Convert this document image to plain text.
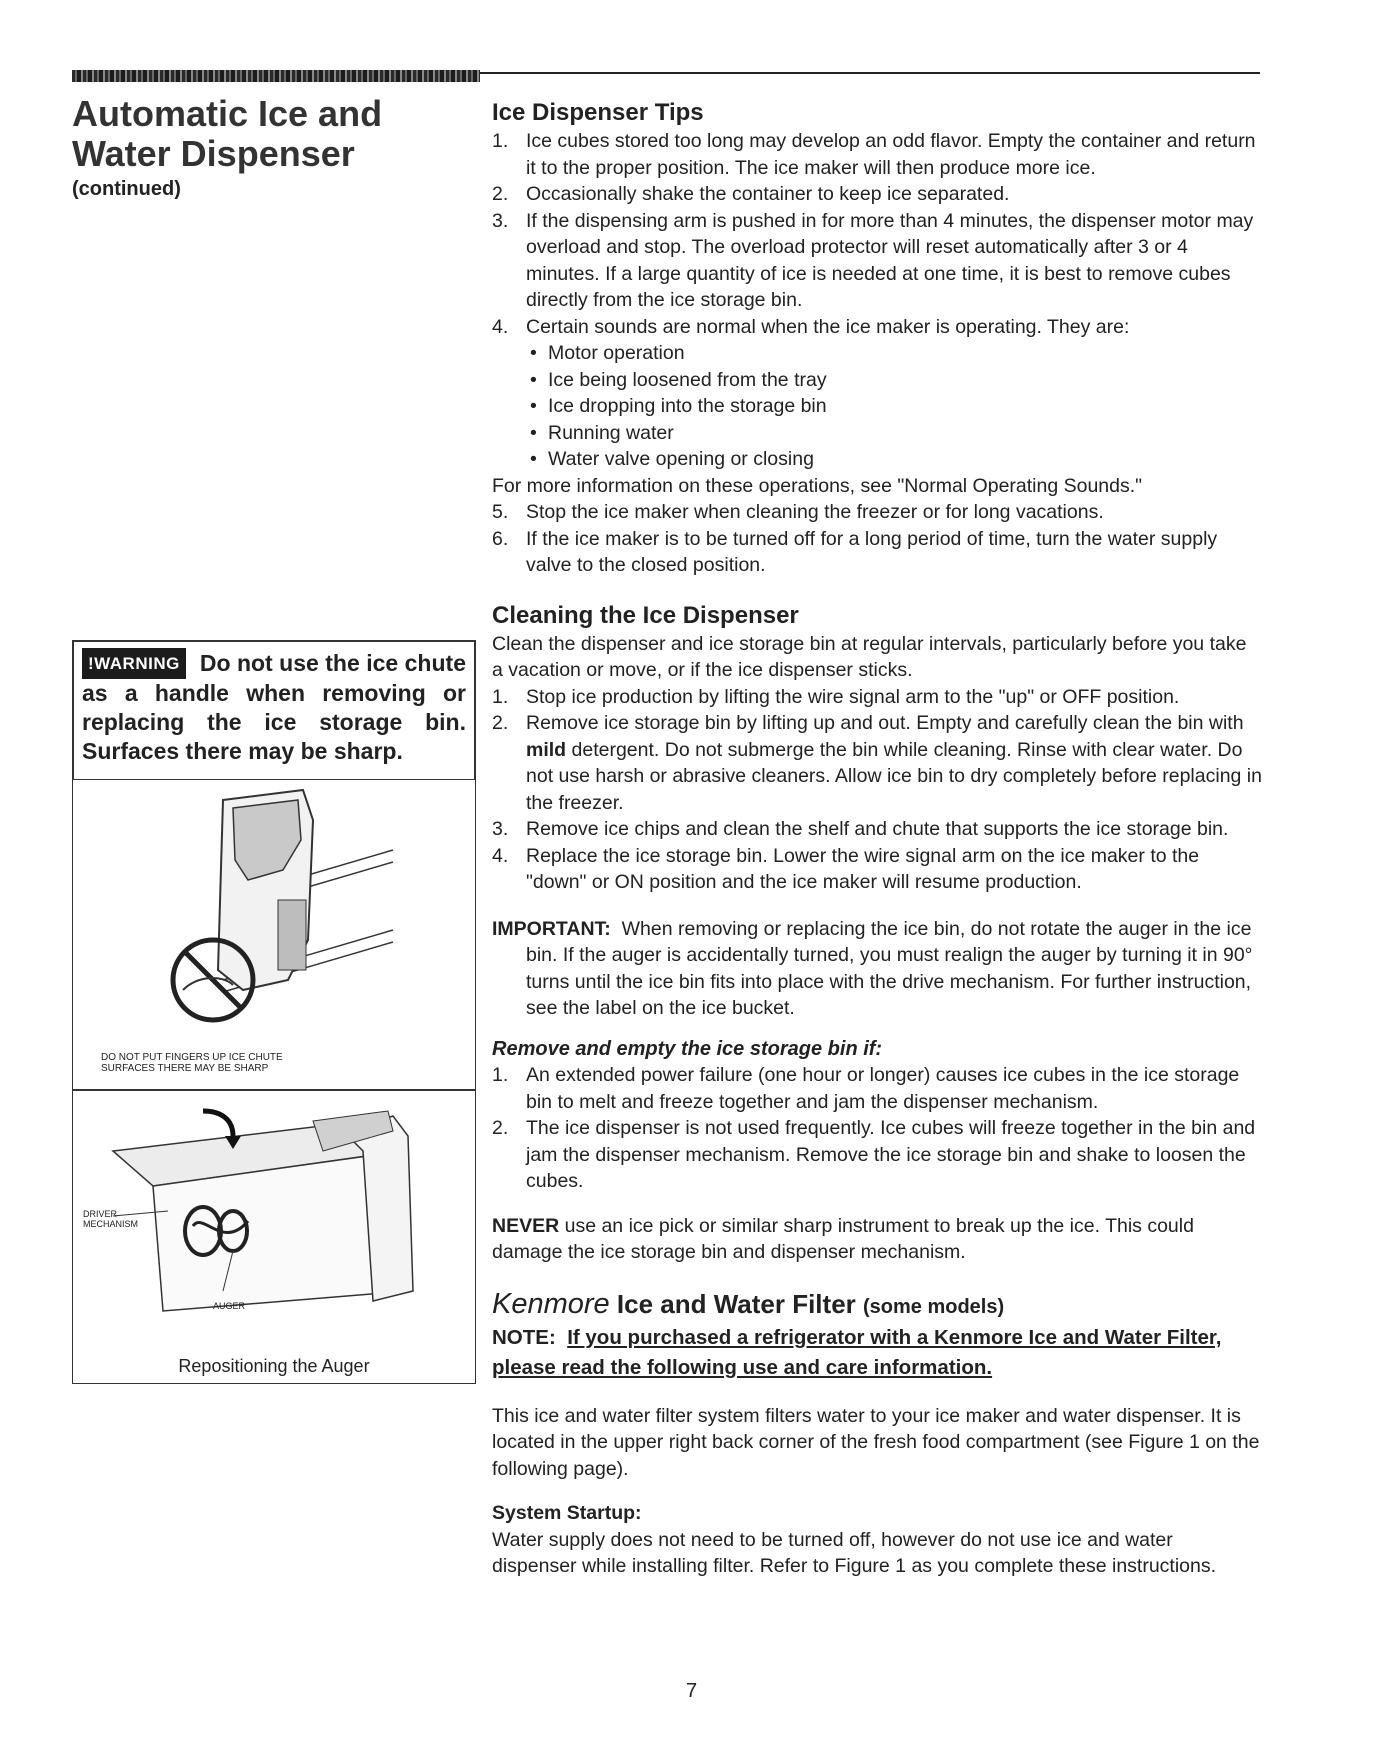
Automatic Ice and
Water Dispenser
(continued)
!WARNING Do not use the ice chute as a handle when removing or replacing the ice storage bin. Surfaces there may be sharp.
DO NOT PUT FINGERS UP ICE CHUTE
SURFACES THERE MAY BE SHARP
DRIVER
MECHANISM
AUGER
Repositioning the Auger
Ice Dispenser Tips
1. Ice cubes stored too long may develop an odd flavor. Empty the container and return it to the proper position. The ice maker will then produce more ice.
2. Occasionally shake the container to keep ice separated.
3. If the dispensing arm is pushed in for more than 4 minutes, the dispenser motor may overload and stop. The overload protector will reset automatically after 3 or 4 minutes. If a large quantity of ice is needed at one time, it is best to remove cubes directly from the ice storage bin.
4. Certain sounds are normal when the ice maker is operating. They are:
• Motor operation
• Ice being loosened from the tray
• Ice dropping into the storage bin
• Running water
• Water valve opening or closing
For more information on these operations, see "Normal Operating Sounds."
5. Stop the ice maker when cleaning the freezer or for long vacations.
6. If the ice maker is to be turned off for a long period of time, turn the water supply valve to the closed position.
Cleaning the Ice Dispenser

Clean the dispenser and ice storage bin at regular intervals, particularly before you take a vacation or move, or if the ice dispenser sticks.

1. Stop ice production by lifting the wire signal arm to the "up" or OFF position.
2. Remove ice storage bin by lifting up and out. Empty and carefully clean the bin with mild detergent. Do not submerge the bin while cleaning. Rinse with clear water. Do not use harsh or abrasive cleaners. Allow ice bin to dry completely before replacing in the freezer.
3. Remove ice chips and clean the shelf and chute that supports the ice storage bin.
4. Replace the ice storage bin. Lower the wire signal arm on the ice maker to the "down" or ON position and the ice maker will resume production.

IMPORTANT: When removing or replacing the ice bin, do not rotate the auger in the ice bin. If the auger is accidentally turned, you must realign the auger by turning it in 90° turns until the ice bin fits into place with the drive mechanism. For further instruction, see the label on the ice bucket.

Remove and empty the ice storage bin if:
1. An extended power failure (one hour or longer) causes ice cubes in the ice storage bin to melt and freeze together and jam the dispenser mechanism.
2. The ice dispenser is not used frequently. Ice cubes will freeze together in the bin and jam the dispenser mechanism. Remove the ice storage bin and shake to loosen the cubes.

NEVER use an ice pick or similar sharp instrument to break up the ice. This could damage the ice storage bin and dispenser mechanism.

Kenmore Ice and Water Filter (some models)
NOTE: If you purchased a refrigerator with a Kenmore Ice and Water Filter, please read the following use and care information.

This ice and water filter system filters water to your ice maker and water dispenser. It is located in the upper right back corner of the fresh food compartment (see Figure 1 on the following page).

System Startup:

Water supply does not need to be turned off, however do not use ice and water dispenser while installing filter. Refer to Figure 1 as you complete these instructions.

7
